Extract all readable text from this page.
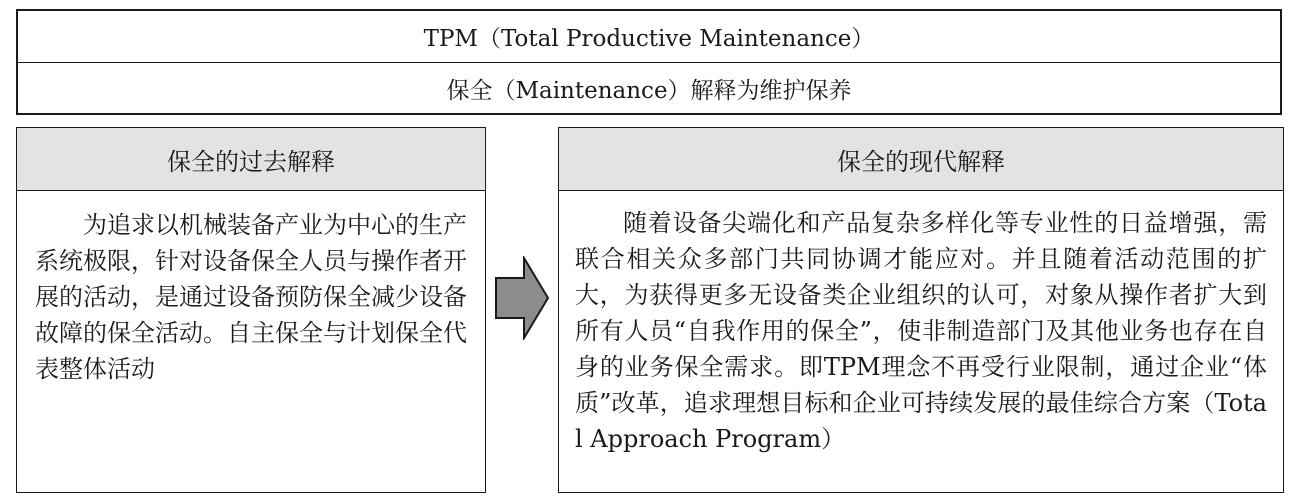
TPM（Total Productive Maintenance）
保全（Maintenance）解释为维护保养
保全的过去解释
为追求以机械装备产业为中心的生产系统极限，针对设备保全人员与操作者开展的活动，是通过设备预防保全减少设备故障的保全活动。自主保全与计划保全代表整体活动
保全的现代解释
随着设备尖端化和产品复杂多样化等专业性的日益增强，需联合相关众多部门共同协调才能应对。并且随着活动范围的扩大，为获得更多无设备类企业组织的认可，对象从操作者扩大到所有人员“自我作用的保全”，使非制造部门及其他业务也存在自身的业务保全需求。即TPM理念不再受行业限制，通过企业“体质”改革，追求理想目标和企业可持续发展的最佳综合方案（Total Approach Program）
